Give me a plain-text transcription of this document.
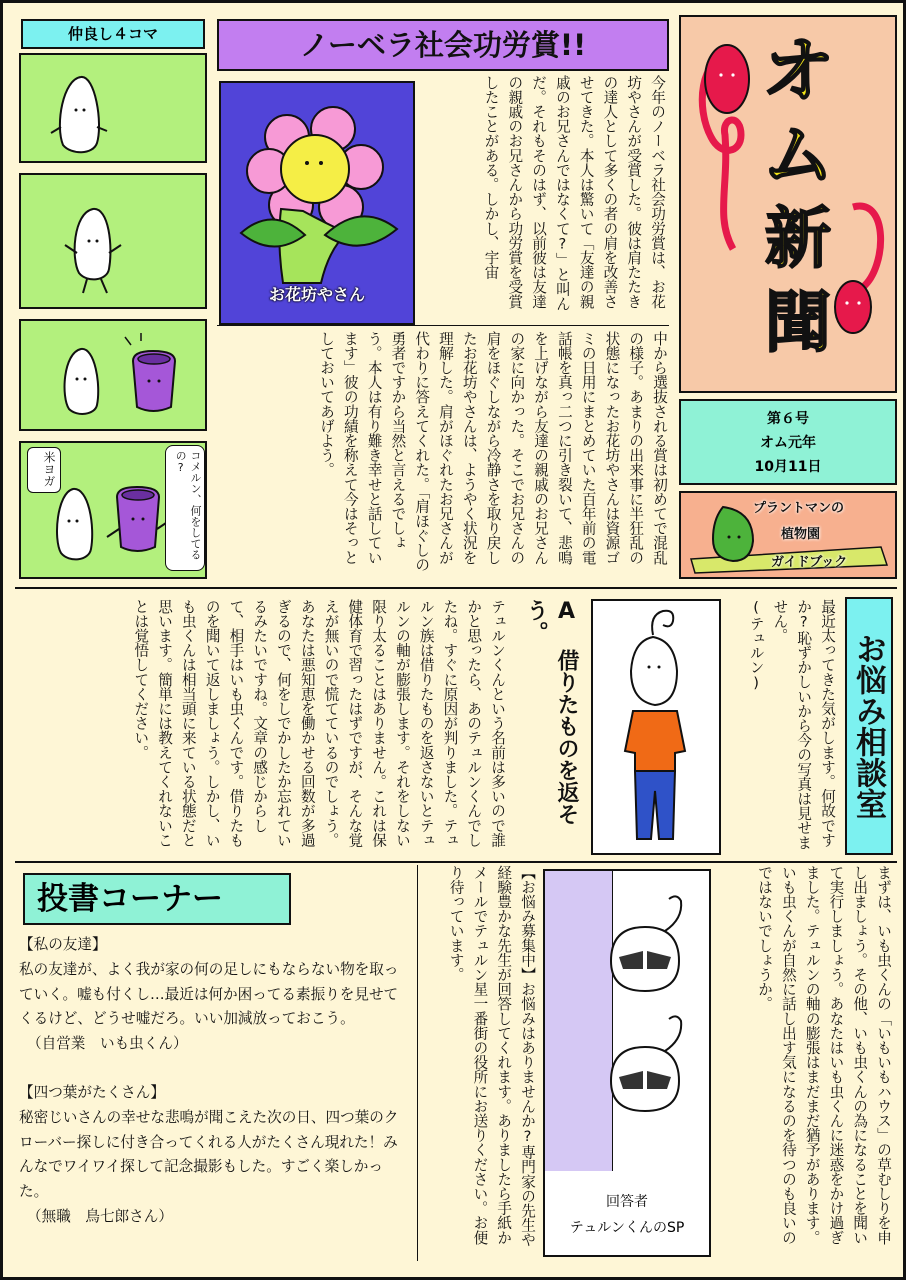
仲良し４コマ
米ヨガ	コメルン、何をしてるの?
ノーベラ社会功労賞!!
お花坊やさん	今年のノーベラ社会功労賞は、お花坊やさんが受賞した。彼は肩たたきの達人として多くの者の肩を改善させてきた。本人は驚いて「友達の親戚のお兄さんではなくて?」と叫んだ。それもそのはず、以前彼は友達の親戚のお兄さんから功労賞を受賞したことがある。しかし、宇宙
中から選抜される賞は初めてで混乱の様子。あまりの出来事に半狂乱の状態になったお花坊やさんは資源ゴミの日用にまとめていた百年前の電話帳を真っ二つに引き裂いて、悲鳴を上げながら友達の親戚のお兄さんの家に向かった。そこでお兄さんの肩をほぐしながら冷静さを取り戻したお花坊やさんは、ようやく状況を理解した。肩がほぐれたお兄さんが代わりに答えてくれた。「肩ほぐしの勇者ですから当然と言えるでしょう。本人は有り難き幸せと話しています」彼の功績を称えて今はそっとしておいてあげよう。
オ
ム
新
聞
第６号
オム元年
10月11日
プラントマンの
植物園
ガイドブック
お悩み相談室
最近太ってきた気がします。何故ですか?恥ずかしいから今の写真は見せません。
(テュルン)
A 借りたものを返そう。
テュルンくんという名前は多いので誰かと思ったら、あのテュルンくんでしたね。すぐに原因が判りました。テュルン族は借りたものを返さないとテュルンの軸が膨張します。それをしない限り太ることはありません。これは保健体育で習ったはずですが、そんな覚えが無いので慌てているのでしょう。あなたは悪知恵を働かせる回数が多過ぎるので、何をしでかしたか忘れているみたいですね。文章の感じからして、相手はいも虫くんです。借りたものを聞いて返しましょう。しかし、いも虫くんは相当頭に来ている状態だと思います。簡単には教えてくれないことは覚悟してください。
まずは、いも虫くんの「いもいもハウス」の草むしりを申し出ましょう。その他、いも虫くんの為になることを聞いて実行しましょう。あなたはいも虫くんに迷惑をかけ過ぎました。テュルンの軸の膨張はまだまだ猶予があります。いも虫くんが自然に話し出す気になるのを待つのも良いのではないでしょうか。
回答者
テュルンくんのSP
【お悩み募集中】お悩みはありませんか?専門家の先生や経験豊かな先生が回答してくれます。ありましたら手紙かメールでテュルン星一番街の役所にお送りください。お便り待っています。
投書コーナー
【私の友達】
私の友達が、よく我が家の何の足しにもならない物を取っていく。嘘も付くし…最近は何か困ってる素振りを見せてくるけど、どうせ嘘だろ。いい加減放っておこう。
（自営業　いも虫くん）
【四つ葉がたくさん】
秘密じいさんの幸せな悲鳴が聞こえた次の日、四つ葉のクローバー探しに付き合ってくれる人がたくさん現れた！みんなでワイワイ探して記念撮影もした。すごく楽しかった。
（無職　鳥七郎さん）
